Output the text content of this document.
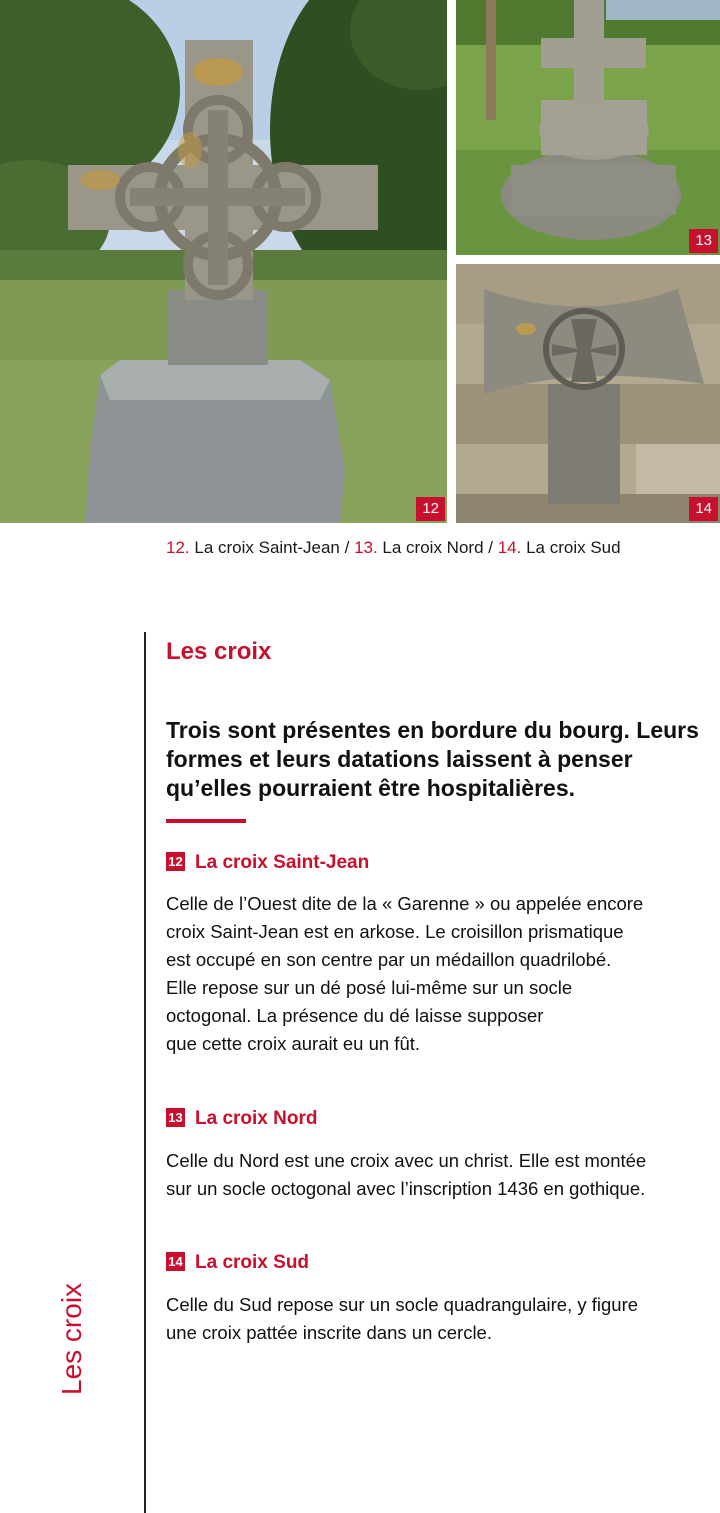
12
13
14
12. La croix Saint-Jean / 13. La croix Nord / 14. La croix Sud
Les croix
Les croix

Trois sont présentes en bordure du bourg. Leurs formes et leurs datations laissent à penser qu’elles pourraient être hospitalières.

12 La croix Saint-Jean
Celle de l’Ouest dite de la « Garenne » ou appelée encore
croix Saint-Jean est en arkose. Le croisillon prismatique
est occupé en son centre par un médaillon quadrilobé.
Elle repose sur un dé posé lui-même sur un socle
octogonal. La présence du dé laisse supposer
que cette croix aurait eu un fût.
13 La croix Nord
Celle du Nord est une croix avec un christ. Elle est montée
sur un socle octogonal avec l’inscription 1436 en gothique.
14 La croix Sud
Celle du Sud repose sur un socle quadrangulaire, y figure
une croix pattée inscrite dans un cercle.
